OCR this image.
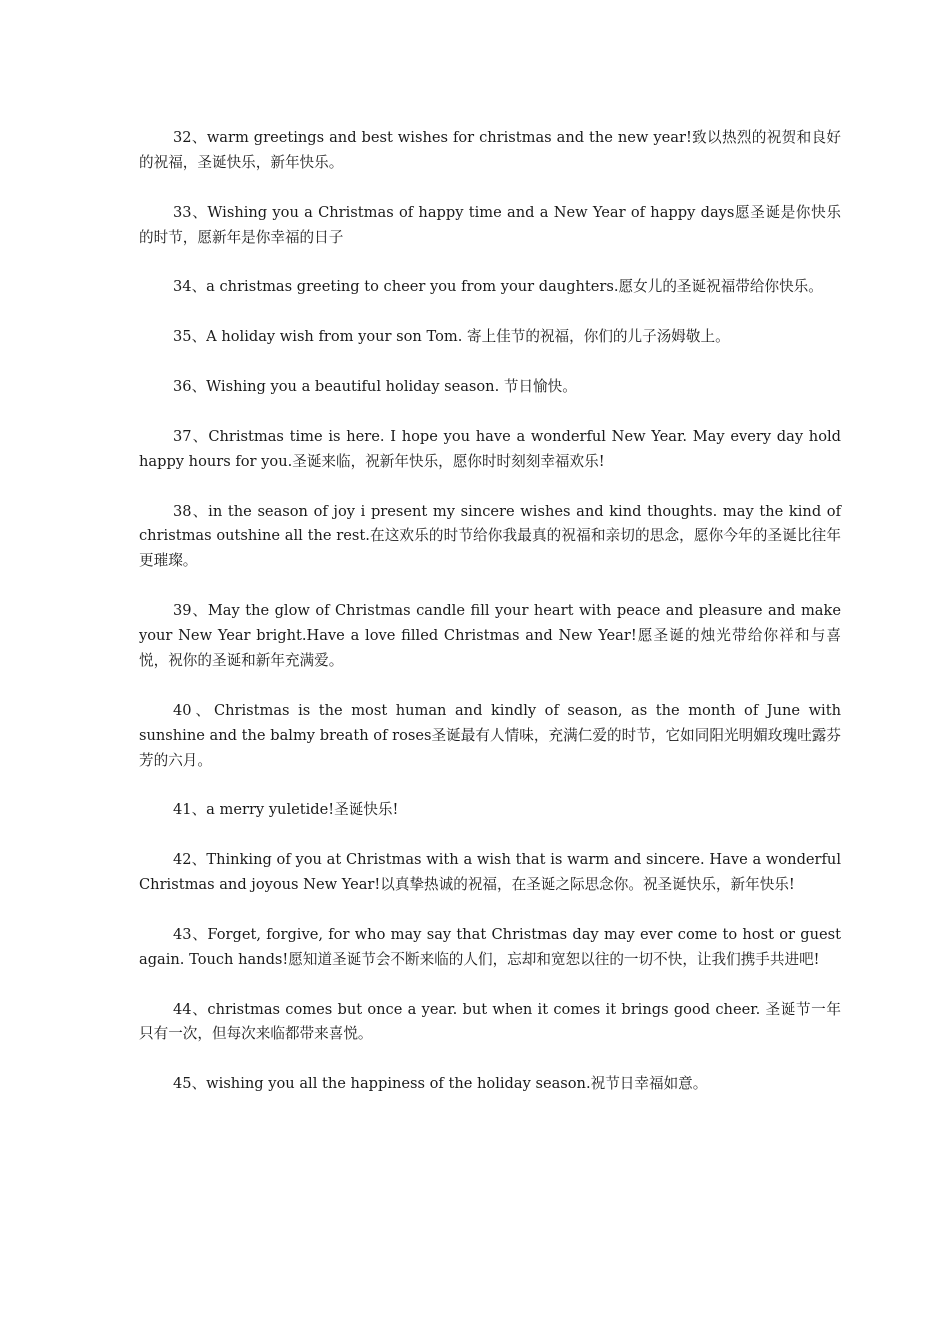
32、warm greetings and best wishes for christmas and the new year!致以热烈的祝贺和良好的祝福，圣诞快乐，新年快乐。

33、Wishing you a Christmas of happy time and a New Year of happy days愿圣诞是你快乐的时节，愿新年是你幸福的日子

34、a christmas greeting to cheer you from your daughters.愿女儿的圣诞祝福带给你快乐。

35、A holiday wish from your son Tom. 寄上佳节的祝福，你们的儿子汤姆敬上。

36、Wishing you a beautiful holiday season. 节日愉快。

37、Christmas time is here. I hope you have a wonderful New Year. May every day hold happy hours for you.圣诞来临，祝新年快乐，愿你时时刻刻幸福欢乐!

38、in the season of joy i present my sincere wishes and kind thoughts. may the kind of christmas outshine all the rest.在这欢乐的时节给你我最真的祝福和亲切的思念，愿你今年的圣诞比往年更璀璨。

39、May the glow of Christmas candle fill your heart with peace and pleasure and make your New Year bright.Have a love filled Christmas and New Year!愿圣诞的烛光带给你祥和与喜悦，祝你的圣诞和新年充满爱。

40、Christmas is the most human and kindly of season, as the month of June with sunshine and the balmy breath of roses圣诞最有人情味，充满仁爱的时节，它如同阳光明媚玫瑰吐露芬芳的六月。

41、a merry yuletide!圣诞快乐!

42、Thinking of you at Christmas with a wish that is warm and sincere. Have a wonderful Christmas and joyous New Year!以真挚热诚的祝福，在圣诞之际思念你。祝圣诞快乐，新年快乐!

43、Forget, forgive, for who may say that Christmas day may ever come to host or guest again. Touch hands!愿知道圣诞节会不断来临的人们，忘却和宽恕以往的一切不快，让我们携手共进吧!

44、christmas comes but once a year. but when it comes it brings good cheer. 圣诞节一年只有一次，但每次来临都带来喜悦。

45、wishing you all the happiness of the holiday season.祝节日幸福如意。
